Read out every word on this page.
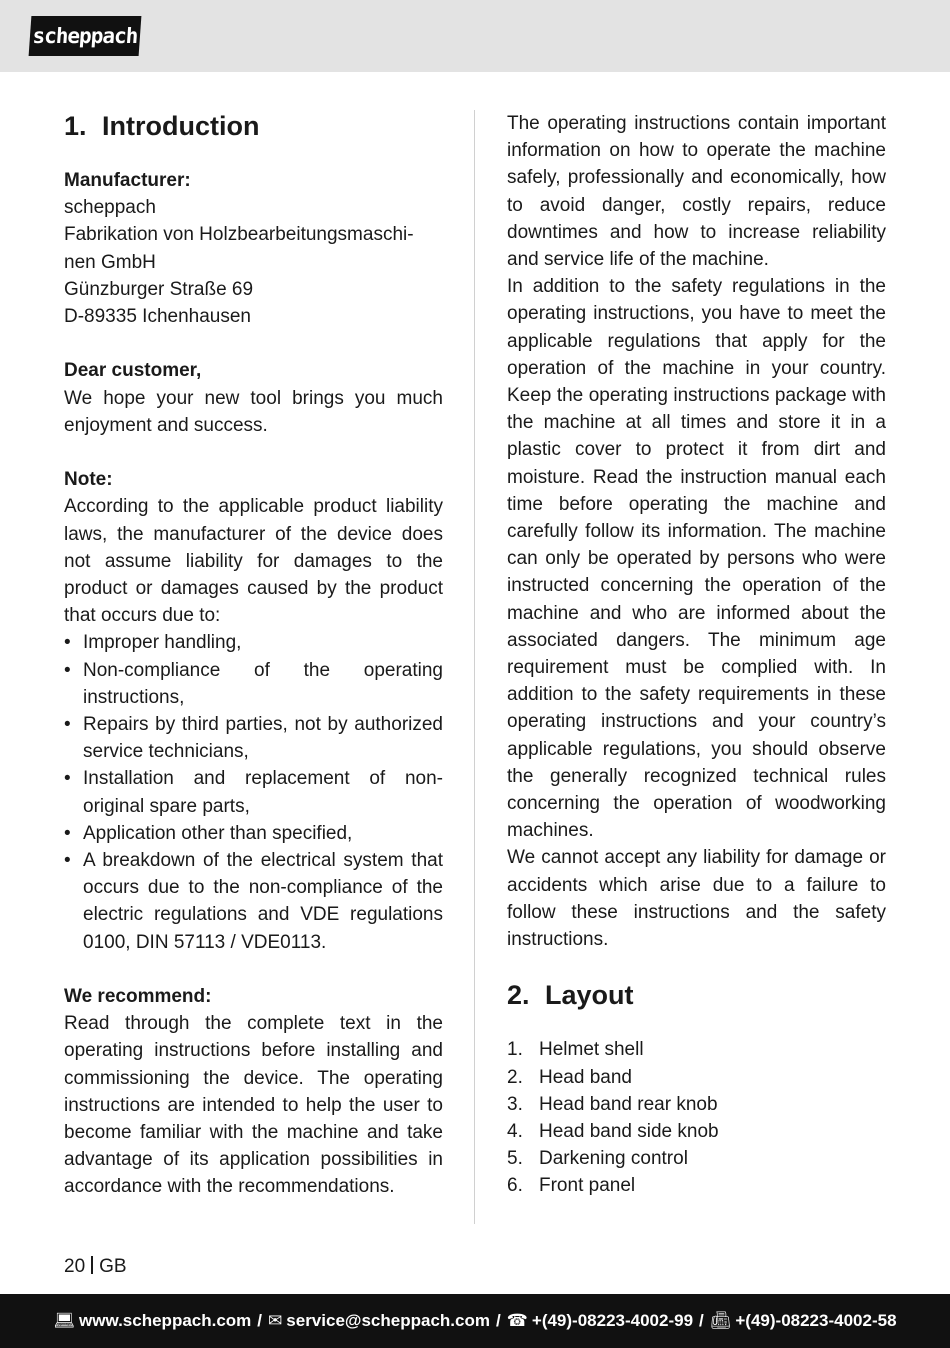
scheppach
1. Introduction
Manufacturer:
scheppach
Fabrikation von Holzbearbeitungsmaschi-
nen GmbH
Günzburger Straße 69
D-89335 Ichenhausen
Dear customer,

We hope your new tool brings you much enjoyment and success.

Note:

According to the applicable product liability laws, the manufacturer of the device does not assume liability for damages to the product or damages caused by the product that occurs due to:

• Improper handling,
• Non-compliance of the operating instructions,
• Repairs by third parties, not by authorized service technicians,
• Installation and replacement of non-original spare parts,
• Application other than specified,
• A breakdown of the electrical system that occurs due to the non-compliance of the electric regulations and VDE regulations 0100, DIN 57113 / VDE0113.
We recommend:

Read through the complete text in the operating instructions before installing and commissioning the device. The operating instructions are intended to help the user to become familiar with the machine and take advantage of its application possibilities in accordance with the recommendations.

The operating instructions contain important information on how to operate the machine safely, professionally and economically, how to avoid danger, costly repairs, reduce downtimes and how to increase reliability and service life of the machine.

In addition to the safety regulations in the operating instructions, you have to meet the applicable regulations that apply for the operation of the machine in your country. Keep the operating instructions package with the machine at all times and store it in a plastic cover to protect it from dirt and moisture. Read the instruction manual each time before operating the machine and carefully follow its information. The machine can only be operated by persons who were instructed concerning the operation of the machine and who are informed about the associated dangers. The minimum age requirement must be complied with. In addition to the safety requirements in these operating instructions and your country’s applicable regulations, you should observe the generally recognized technical rules concerning the operation of woodworking machines.

We cannot accept any liability for damage or accidents which arise due to a failure to follow these instructions and the safety instructions.

2. Layout
1. Helmet shell
2. Head band
3. Head band rear knob
4. Head band side knob
5. Darkening control
6. Front panel
20 GB
💻︎ www.scheppach.com / ✉︎ service@scheppach.com / ☎︎ +(49)-08223-4002-99 / 📠︎ +(49)-08223-4002-58
